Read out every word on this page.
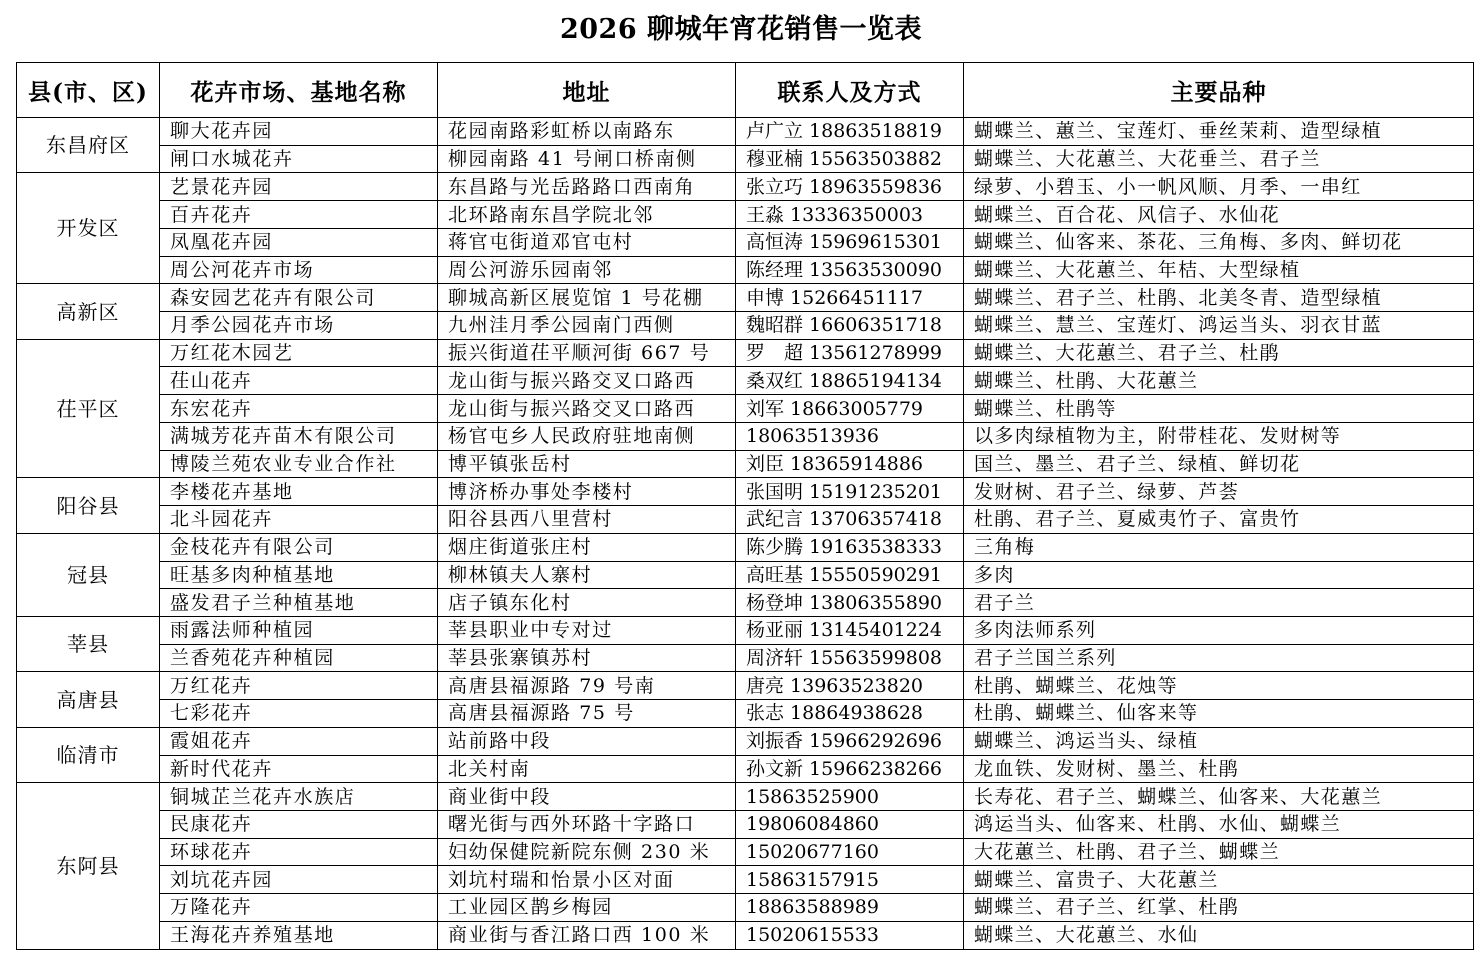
2026 聊城年宵花销售一览表
县(市、区)	花卉市场、基地名称	地址	联系人及方式	主要品种
东昌府区	聊大花卉园	花园南路彩虹桥以南路东	卢广立 18863518819	蝴蝶兰、蕙兰、宝莲灯、垂丝茉莉、造型绿植
	闸口水城花卉	柳园南路 41 号闸口桥南侧	穆亚楠 15563503882	蝴蝶兰、大花蕙兰、大花垂兰、君子兰
开发区	艺景花卉园	东昌路与光岳路路口西南角	张立巧 18963559836	绿萝、小碧玉、小一帆风顺、月季、一串红
	百卉花卉	北环路南东昌学院北邻	王淼 13336350003	蝴蝶兰、百合花、风信子、水仙花
	凤凰花卉园	蒋官屯街道邓官屯村	高恒涛 15969615301	蝴蝶兰、仙客来、茶花、三角梅、多肉、鲜切花
	周公河花卉市场	周公河游乐园南邻	陈经理 13563530090	蝴蝶兰、大花蕙兰、年桔、大型绿植
高新区	森安园艺花卉有限公司	聊城高新区展览馆 1 号花棚	申博 15266451117	蝴蝶兰、君子兰、杜鹃、北美冬青、造型绿植
	月季公园花卉市场	九州洼月季公园南门西侧	魏昭群 16606351718	蝴蝶兰、慧兰、宝莲灯、鸿运当头、羽衣甘蓝
茌平区	万红花木园艺	振兴街道茌平顺河街 667 号	罗　超 13561278999	蝴蝶兰、大花蕙兰、君子兰、杜鹃
	茌山花卉	龙山街与振兴路交叉口路西	桑双红 18865194134	蝴蝶兰、杜鹃、大花蕙兰
	东宏花卉	龙山街与振兴路交叉口路西	刘军 18663005779	蝴蝶兰、杜鹃等
	满城芳花卉苗木有限公司	杨官屯乡人民政府驻地南侧	18063513936	以多肉绿植物为主，附带桂花、发财树等
	博陵兰苑农业专业合作社	博平镇张岳村	刘臣 18365914886	国兰、墨兰、君子兰、绿植、鲜切花
阳谷县	李楼花卉基地	博济桥办事处李楼村	张国明 15191235201	发财树、君子兰、绿萝、芦荟
	北斗园花卉	阳谷县西八里营村	武纪言 13706357418	杜鹃、君子兰、夏威夷竹子、富贵竹
冠县	金枝花卉有限公司	烟庄街道张庄村	陈少腾 19163538333	三角梅
	旺基多肉种植基地	柳林镇夫人寨村	高旺基 15550590291	多肉
	盛发君子兰种植基地	店子镇东化村	杨登坤 13806355890	君子兰
莘县	雨露法师种植园	莘县职业中专对过	杨亚丽 13145401224	多肉法师系列
	兰香苑花卉种植园	莘县张寨镇苏村	周济轩 15563599808	君子兰国兰系列
高唐县	万红花卉	高唐县福源路 79 号南	唐亮 13963523820	杜鹃、蝴蝶兰、花烛等
	七彩花卉	高唐县福源路 75 号	张志 18864938628	杜鹃、蝴蝶兰、仙客来等
临清市	霞姐花卉	站前路中段	刘振香 15966292696	蝴蝶兰、鸿运当头、绿植
	新时代花卉	北关村南	孙文新 15966238266	龙血铁、发财树、墨兰、杜鹃
东阿县	铜城芷兰花卉水族店	商业街中段	15863525900	长寿花、君子兰、蝴蝶兰、仙客来、大花蕙兰
	民康花卉	曙光街与西外环路十字路口	19806084860	鸿运当头、仙客来、杜鹃、水仙、蝴蝶兰
	环球花卉	妇幼保健院新院东侧 230 米	15020677160	大花蕙兰、杜鹃、君子兰、蝴蝶兰
	刘坑花卉园	刘坑村瑞和怡景小区对面	15863157915	蝴蝶兰、富贵子、大花蕙兰
	万隆花卉	工业园区鹊乡梅园	18863588989	蝴蝶兰、君子兰、红掌、杜鹃
	王海花卉养殖基地	商业街与香江路口西 100 米	15020615533	蝴蝶兰、大花蕙兰、水仙
